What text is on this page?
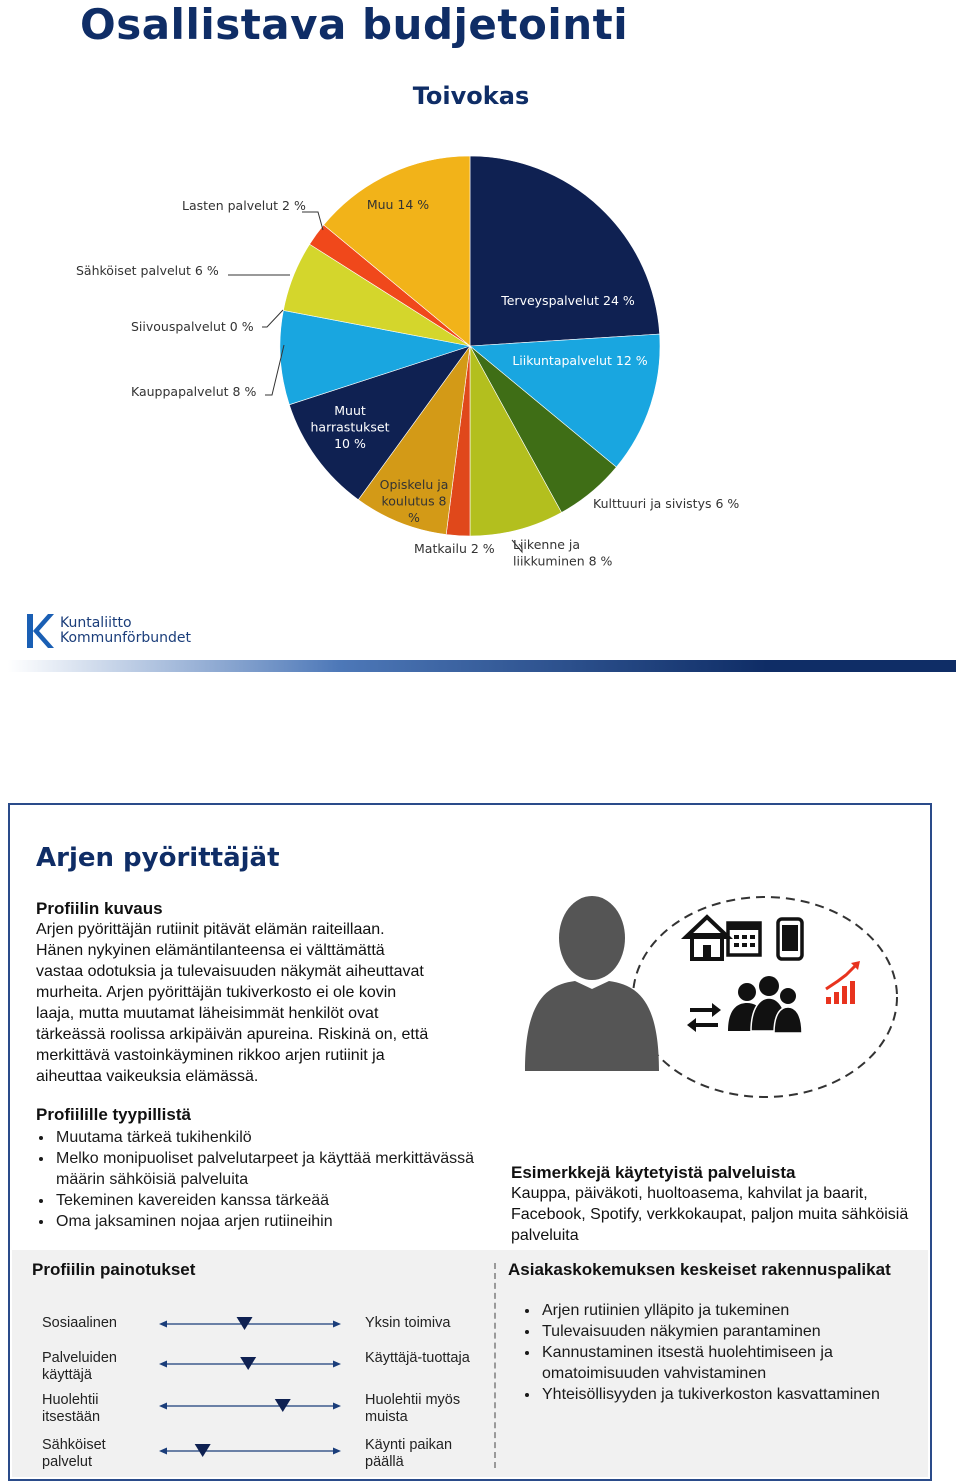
Osallistava budjetointi
Toivokas
Terveyspalvelut 24 %
Liikuntapalvelut 12 %
Muut harrastukset 10 %
Opiskelu ja koulutus 8 %
Muu 14 %
Lasten palvelut 2 %
Sähköiset palvelut 6 %
Siivouspalvelut 0 %
Kauppapalvelut 8 %
Kulttuuri ja sivistys 6 %
Matkailu 2 % Liikenne ja liikkuminen 8 %
Kuntaliitto
Kommunförbundet
Arjen pyörittäjät
Profiilin kuvaus
Arjen pyörittäjän rutiinit pitävät elämän raiteillaan.
Hänen nykyinen elämäntilanteensa ei välttämättä
vastaa odotuksia ja tulevaisuuden näkymät aiheuttavat
murheita. Arjen pyörittäjän tukiverkosto ei ole kovin
laaja, mutta muutamat läheisimmät henkilöt ovat
tärkeässä roolissa arkipäivän apureina. Riskinä on, että
merkittävä vastoinkäyminen rikkoo arjen rutiinit ja
aiheuttaa vaikeuksia elämässä.
Profiilille tyypillistä
• Muutama tärkeä tukihenkilö
• Melko monipuoliset palvelutarpeet ja käyttää merkittävässä määrin sähköisiä palveluita
• Tekeminen kavereiden kanssa tärkeää
• Oma jaksaminen nojaa arjen rutiineihin
Esimerkkejä käytetyistä palveluista
Kauppa, päiväkoti, huoltoasema, kahvilat ja baarit, Facebook, Spotify, verkkokaupat, paljon muita sähköisiä palveluita
Profiilin painotukset	Asiakaskokemuksen keskeiset rakennuspalikat
Sosiaalinen	Yksin toimiva
Palveluiden käyttäjä
Käyttäjä-tuottaja
Huolehtii itsestään
Huolehtii myös muista
Sähköiset palvelut
Käynti paikan päällä
• Arjen rutiinien ylläpito ja tukeminen
• Tulevaisuuden näkymien parantaminen
• Kannustaminen itsestä huolehtimiseen ja omatoimisuuden vahvistaminen
• Yhteisöllisyyden ja tukiverkoston kasvattaminen
